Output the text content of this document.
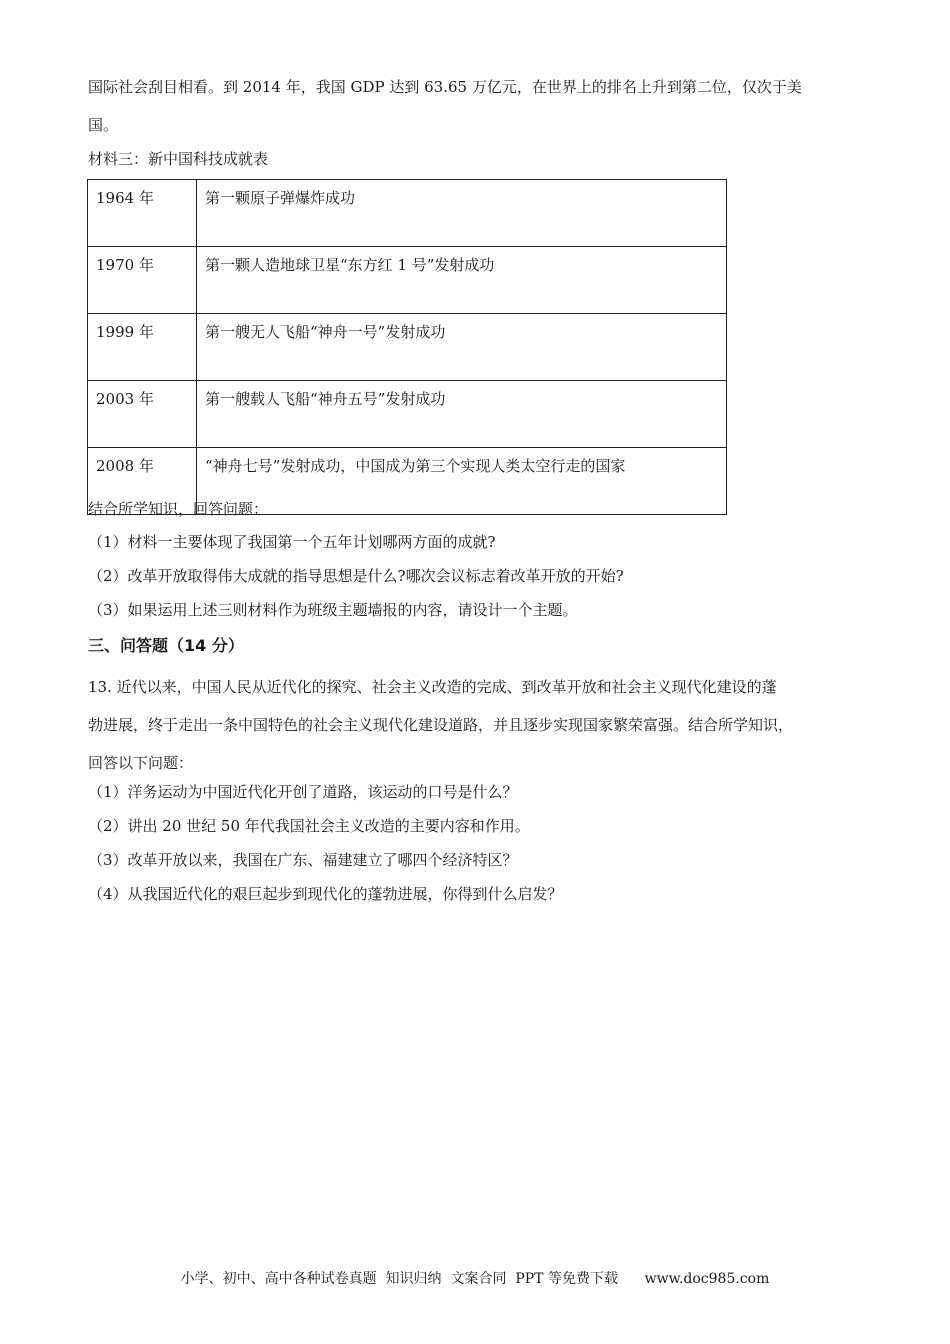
国际社会刮目相看。到 2014 年，我国 GDP 达到 63.65 万亿元，在世界上的排名上升到第二位，仅次于美
国。
材料三：新中国科技成就表
1964 年	第一颗原子弹爆炸成功
1970 年	第一颗人造地球卫星“东方红 1 号”发射成功
1999 年	第一艘无人飞船“神舟一号”发射成功
2003 年	第一艘载人飞船“神舟五号”发射成功
2008 年	“神舟七号”发射成功，中国成为第三个实现人类太空行走的国家
结合所学知识，回答问题：
（1）材料一主要体现了我国第一个五年计划哪两方面的成就?
（2）改革开放取得伟大成就的指导思想是什么?哪次会议标志着改革开放的开始?
（3）如果运用上述三则材料作为班级主题墙报的内容，请设计一个主题。
三、问答题（14 分）
13. 近代以来，中国人民从近代化的探究、社会主义改造的完成、到改革开放和社会主义现代化建设的蓬
勃进展，终于走出一条中国特色的社会主义现代化建设道路，并且逐步实现国家繁荣富强。结合所学知识，
回答以下问题：
（1）洋务运动为中国近代化开创了道路，该运动的口号是什么？
（2）讲出 20 世纪 50 年代我国社会主义改造的主要内容和作用。
（3）改革开放以来，我国在广东、福建建立了哪四个经济特区？
（4）从我国近代化的艰巨起步到现代化的蓬勃进展，你得到什么启发？
小学、初中、高中各种试卷真题  知识归纳  文案合同  PPT 等免费下载      www.doc985.com
